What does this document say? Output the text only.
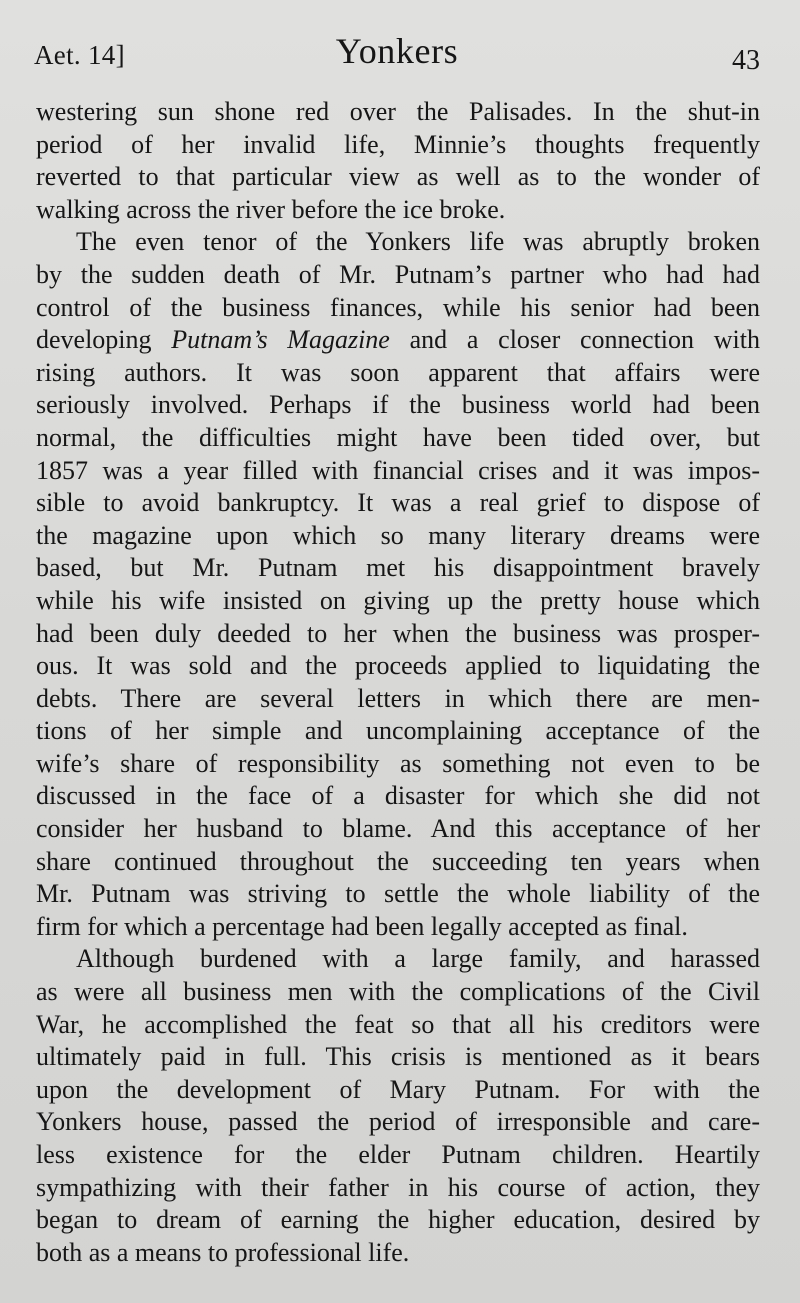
Aet. 14]	Yonkers	43
westering sun shone red over the Palisades. In the shut-in
period of her invalid life, Minnie’s thoughts frequently
reverted to that particular view as well as to the wonder of
walking across the river before the ice broke.
The even tenor of the Yonkers life was abruptly broken
by the sudden death of Mr. Putnam’s partner who had had
control of the business finances, while his senior had been
developing Putnam’s Magazine and a closer connection with
rising authors. It was soon apparent that affairs were
seriously involved. Perhaps if the business world had been
normal, the difficulties might have been tided over, but
1857 was a year filled with financial crises and it was impos-
sible to avoid bankruptcy. It was a real grief to dispose of
the magazine upon which so many literary dreams were
based, but Mr. Putnam met his disappointment bravely
while his wife insisted on giving up the pretty house which
had been duly deeded to her when the business was prosper-
ous. It was sold and the proceeds applied to liquidating the
debts. There are several letters in which there are men-
tions of her simple and uncomplaining acceptance of the
wife’s share of responsibility as something not even to be
discussed in the face of a disaster for which she did not
consider her husband to blame. And this acceptance of her
share continued throughout the succeeding ten years when
Mr. Putnam was striving to settle the whole liability of the
firm for which a percentage had been legally accepted as final.
Although burdened with a large family, and harassed
as were all business men with the complications of the Civil
War, he accomplished the feat so that all his creditors were
ultimately paid in full. This crisis is mentioned as it bears
upon the development of Mary Putnam. For with the
Yonkers house, passed the period of irresponsible and care-
less existence for the elder Putnam children. Heartily
sympathizing with their father in his course of action, they
began to dream of earning the higher education, desired by
both as a means to professional life.
